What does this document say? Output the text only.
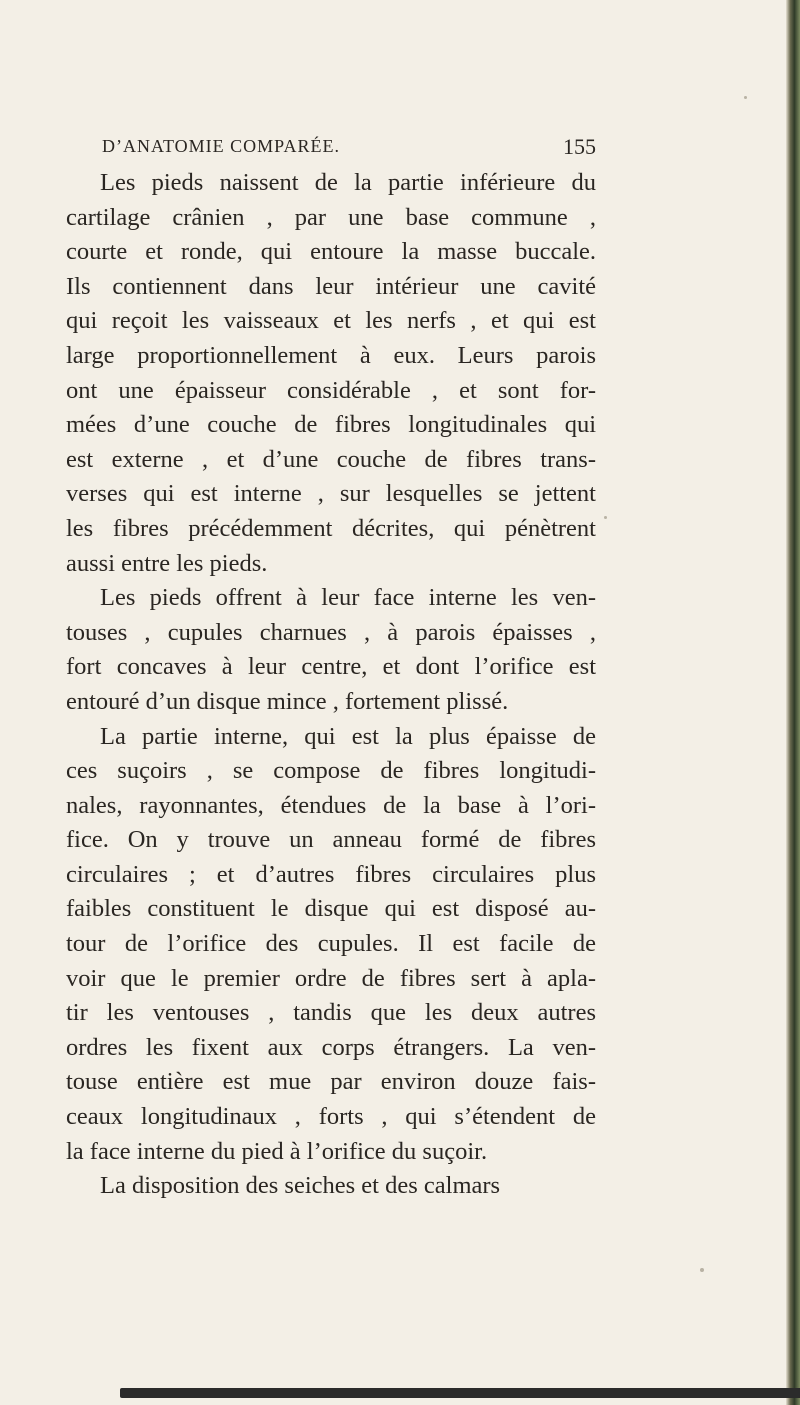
D’ANATOMIE COMPARÉE.	155
Les pieds naissent de la partie inférieure du
cartilage crânien , par une base commune ,
courte et ronde, qui entoure la masse buccale.
Ils contiennent dans leur intérieur une cavité
qui reçoit les vaisseaux et les nerfs , et qui est
large proportionnellement à eux. Leurs parois
ont une épaisseur considérable , et sont for-
mées d’une couche de fibres longitudinales qui
est externe , et d’une couche de fibres trans-
verses qui est interne , sur lesquelles se jettent
les fibres précédemment décrites, qui pénètrent
aussi entre les pieds.
Les pieds offrent à leur face interne les ven-
touses , cupules charnues , à parois épaisses ,
fort concaves à leur centre, et dont l’orifice est
entouré d’un disque mince , fortement plissé.
La partie interne, qui est la plus épaisse de
ces suçoirs , se compose de fibres longitudi-
nales, rayonnantes, étendues de la base à l’ori-
fice. On y trouve un anneau formé de fibres
circulaires ; et d’autres fibres circulaires plus
faibles constituent le disque qui est disposé au-
tour de l’orifice des cupules. Il est facile de
voir que le premier ordre de fibres sert à apla-
tir les ventouses , tandis que les deux autres
ordres les fixent aux corps étrangers. La ven-
touse entière est mue par environ douze fais-
ceaux longitudinaux , forts , qui s’étendent de
la face interne du pied à l’orifice du suçoir.
La disposition des seiches et des calmars
